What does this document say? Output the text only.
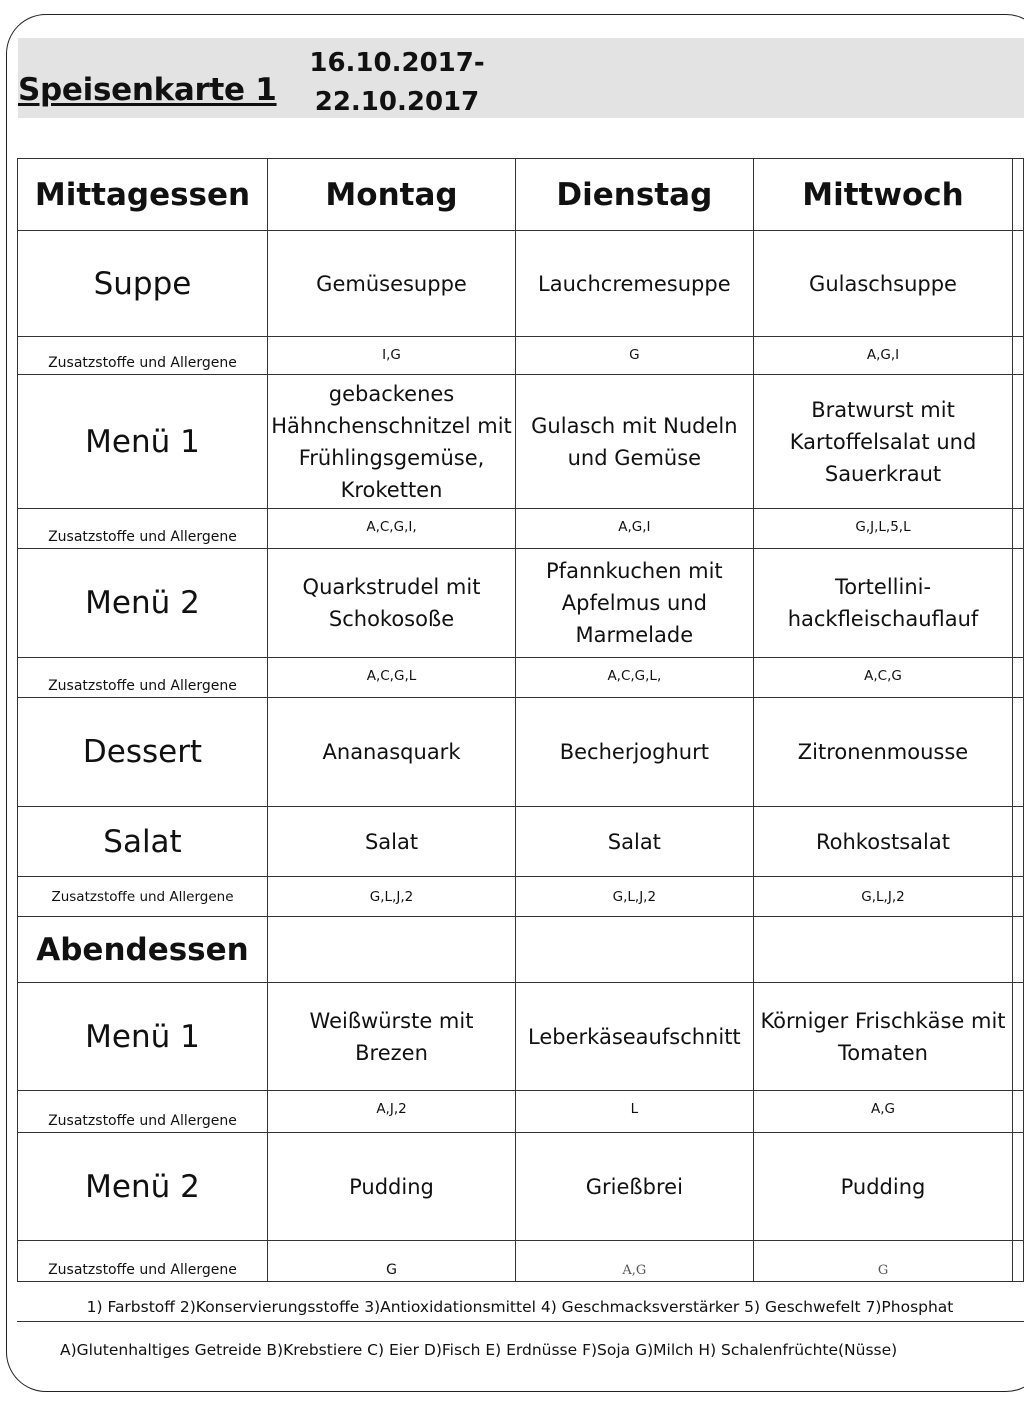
Speisenkarte 1
16.10.2017-
22.10.2017
Mittagessen	Montag	Dienstag	Mittwoch	
Suppe	Gemüsesuppe	Lauchcremesuppe	Gulaschsuppe	
Zusatzstoffe und Allergene	I,G	G	A,G,I	
Menü 1	gebackenes Hähnchenschnitzel mit Frühlingsgemüse, Kroketten	Gulasch mit Nudeln und Gemüse	Bratwurst mit Kartoffelsalat und Sauerkraut	
Zusatzstoffe und Allergene	A,C,G,I,	A,G,I	G,J,L,5,L	
Menü 2	Quarkstrudel mit Schokosoße	Pfannkuchen mit Apfelmus und Marmelade	Tortellini-hackfleischauflauf	
Zusatzstoffe und Allergene	A,C,G,L	A,C,G,L,	A,C,G	
Dessert	Ananasquark	Becherjoghurt	Zitronenmousse	
Salat	Salat	Salat	Rohkostsalat	
Zusatzstoffe und Allergene	G,L,J,2	G,L,J,2	G,L,J,2	
Abendessen				
Menü 1	Weißwürste mit Brezen	Leberkäseaufschnitt	Körniger Frischkäse mit Tomaten	
Zusatzstoffe und Allergene	A,J,2	L	A,G	
Menü 2	Pudding	Grießbrei	Pudding	
Zusatzstoffe und Allergene	G	A,G	G	
1) Farbstoff 2)Konservierungsstoffe 3)Antioxidationsmittel 4) Geschmacksverstärker 5) Geschwefelt 7)Phosphat
A)Glutenhaltiges Getreide B)Krebstiere C) Eier D)Fisch E) Erdnüsse F)Soja G)Milch H) Schalenfrüchte(Nüsse)
